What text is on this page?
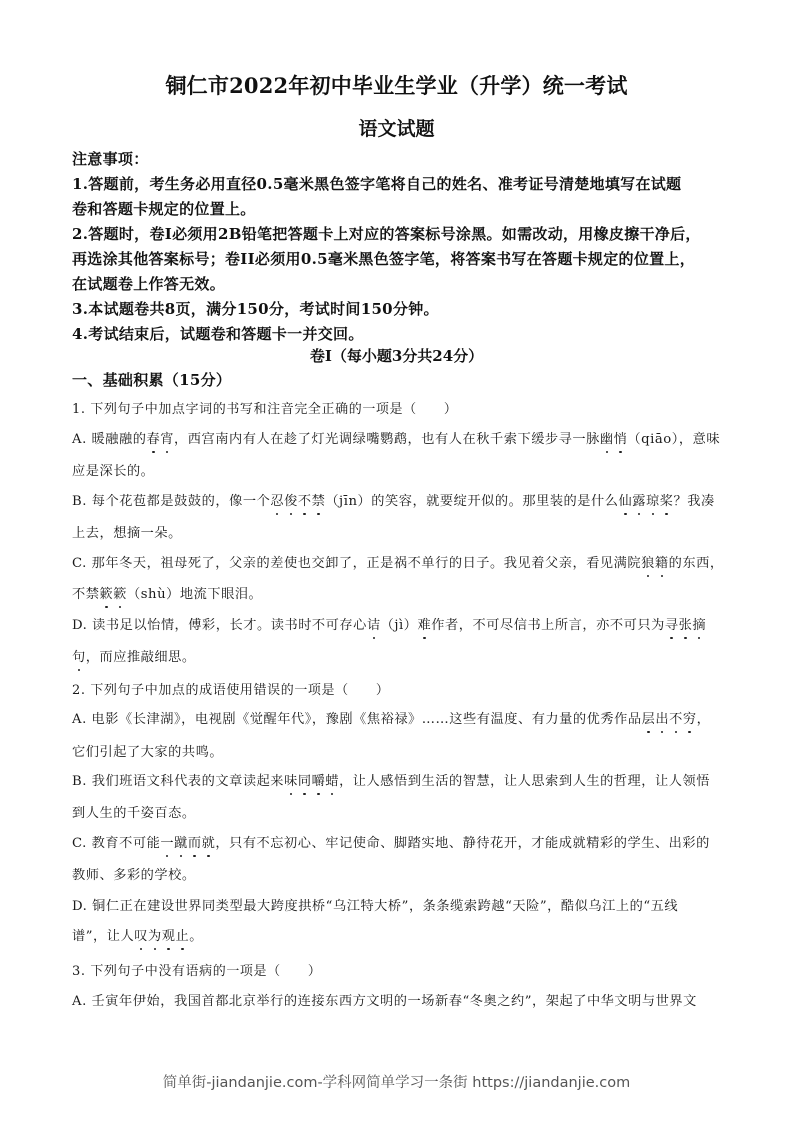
铜仁市2022年初中毕业生学业（升学）统一考试
语文试题
注意事项：
1.答题前，考生务必用直径0.5毫米黑色签字笔将自己的姓名、准考证号清楚地填写在试题
卷和答题卡规定的位置上。
2.答题时，卷I必须用2B铅笔把答题卡上对应的答案标号涂黑。如需改动，用橡皮擦干净后，
再选涂其他答案标号；卷II必须用0.5毫米黑色签字笔，将答案书写在答题卡规定的位置上，
在试题卷上作答无效。
3.本试题卷共8页，满分150分，考试时间150分钟。
4.考试结束后，试题卷和答题卡一并交回。
卷I（每小题3分共24分）
一、基础积累（15分）
1. 下列句子中加点字词的书写和注音完全正确的一项是（　　）
A. 暖融融的春宵，西宫南内有人在趁了灯光调绿嘴鹦鹉，也有人在秋千索下缓步寻一脉幽悄（qiāo），意味
应是深长的。
B. 每个花苞都是鼓鼓的，像一个忍俊不禁（jīn）的笑容，就要绽开似的。那里装的是什么仙露琼桨？我凑
上去，想摘一朵。
C. 那年冬天，祖母死了，父亲的差使也交卸了，正是祸不单行的日子。我见着父亲，看见满院狼籍的东西，
不禁簌簌（shù）地流下眼泪。
D. 读书足以怡情，傅彩，长才。读书时不可存心诘（jì）难作者，不可尽信书上所言，亦不可只为寻张摘
句，而应推敲细思。
2. 下列句子中加点的成语使用错误的一项是（　　）
A. 电影《长津湖》，电视剧《觉醒年代》，豫剧《焦裕禄》……这些有温度、有力量的优秀作品层出不穷，
它们引起了大家的共鸣。
B. 我们班语文科代表的文章读起来味同嚼蜡，让人感悟到生活的智慧，让人思索到人生的哲理，让人领悟
到人生的千姿百态。
C. 教育不可能一蹴而就，只有不忘初心、牢记使命、脚踏实地、静待花开，才能成就精彩的学生、出彩的
教师、多彩的学校。
D. 铜仁正在建设世界同类型最大跨度拱桥“乌江特大桥”，条条缆索跨越“天险”，酷似乌江上的“五线
谱”，让人叹为观止。
3. 下列句子中没有语病的一项是（　　）
A. 壬寅年伊始，我国首都北京举行的连接东西方文明的一场新春“冬奥之约”，架起了中华文明与世界文
简单街-jiandanjie.com-学科网简单学习一条街 https://jiandanjie.com
